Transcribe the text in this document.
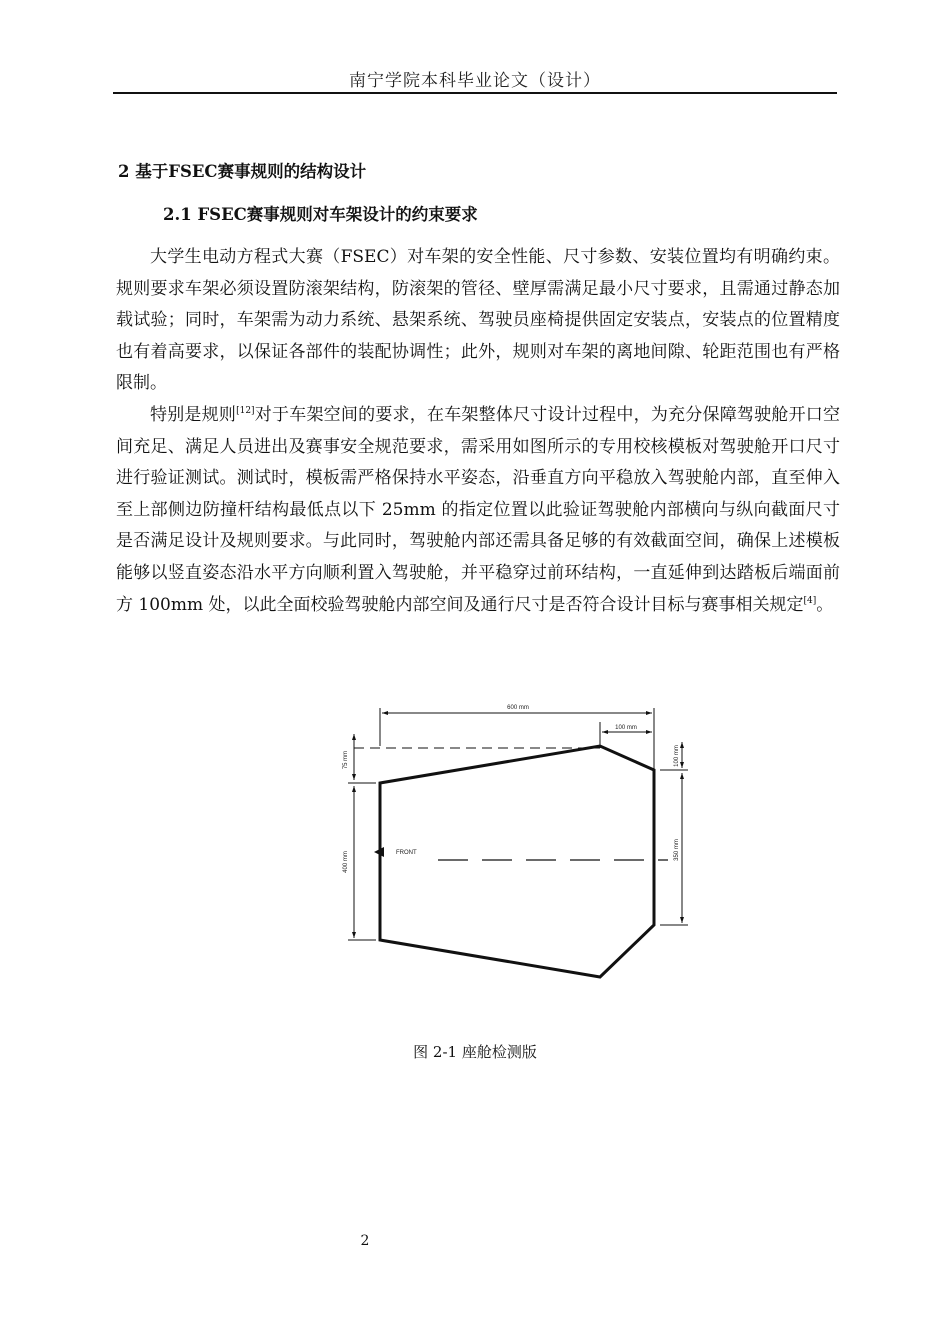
南宁学院本科毕业论文（设计）
2 基于FSEC赛事规则的结构设计
2.1 FSEC赛事规则对车架设计的约束要求

大学生电动方程式大赛（FSEC）对车架的安全性能、尺寸参数、安装位置均有明确约束。规则要求车架必须设置防滚架结构，防滚架的管径、壁厚需满足最小尺寸要求，且需通过静态加载试验；同时，车架需为动力系统、悬架系统、驾驶员座椅提供固定安装点，安装点的位置精度也有着高要求，以保证各部件的装配协调性；此外，规则对车架的离地间隙、轮距范围也有严格限制。

特别是规则[12]对于车架空间的要求，在车架整体尺寸设计过程中，为充分保障驾驶舱开口空间充足、满足人员进出及赛事安全规范要求，需采用如图所示的专用校核模板对驾驶舱开口尺寸进行验证测试。测试时，模板需严格保持水平姿态，沿垂直方向平稳放入驾驶舱内部，直至伸入至上部侧边防撞杆结构最低点以下 25mm 的指定位置以此验证驾驶舱内部横向与纵向截面尺寸是否满足设计及规则要求。与此同时，驾驶舱内部还需具备足够的有效截面空间，确保上述模板能够以竖直姿态沿水平方向顺利置入驾驶舱，并平稳穿过前环结构，一直延伸到达踏板后端面前方 100mm 处，以此全面校验驾驶舱内部空间及通行尺寸是否符合设计目标与赛事相关规定[4]。

600 mm
100 mm
FRONT
75 mm
400 mm
100 mm
350 mm
图 2-1 座舱检测版
2
